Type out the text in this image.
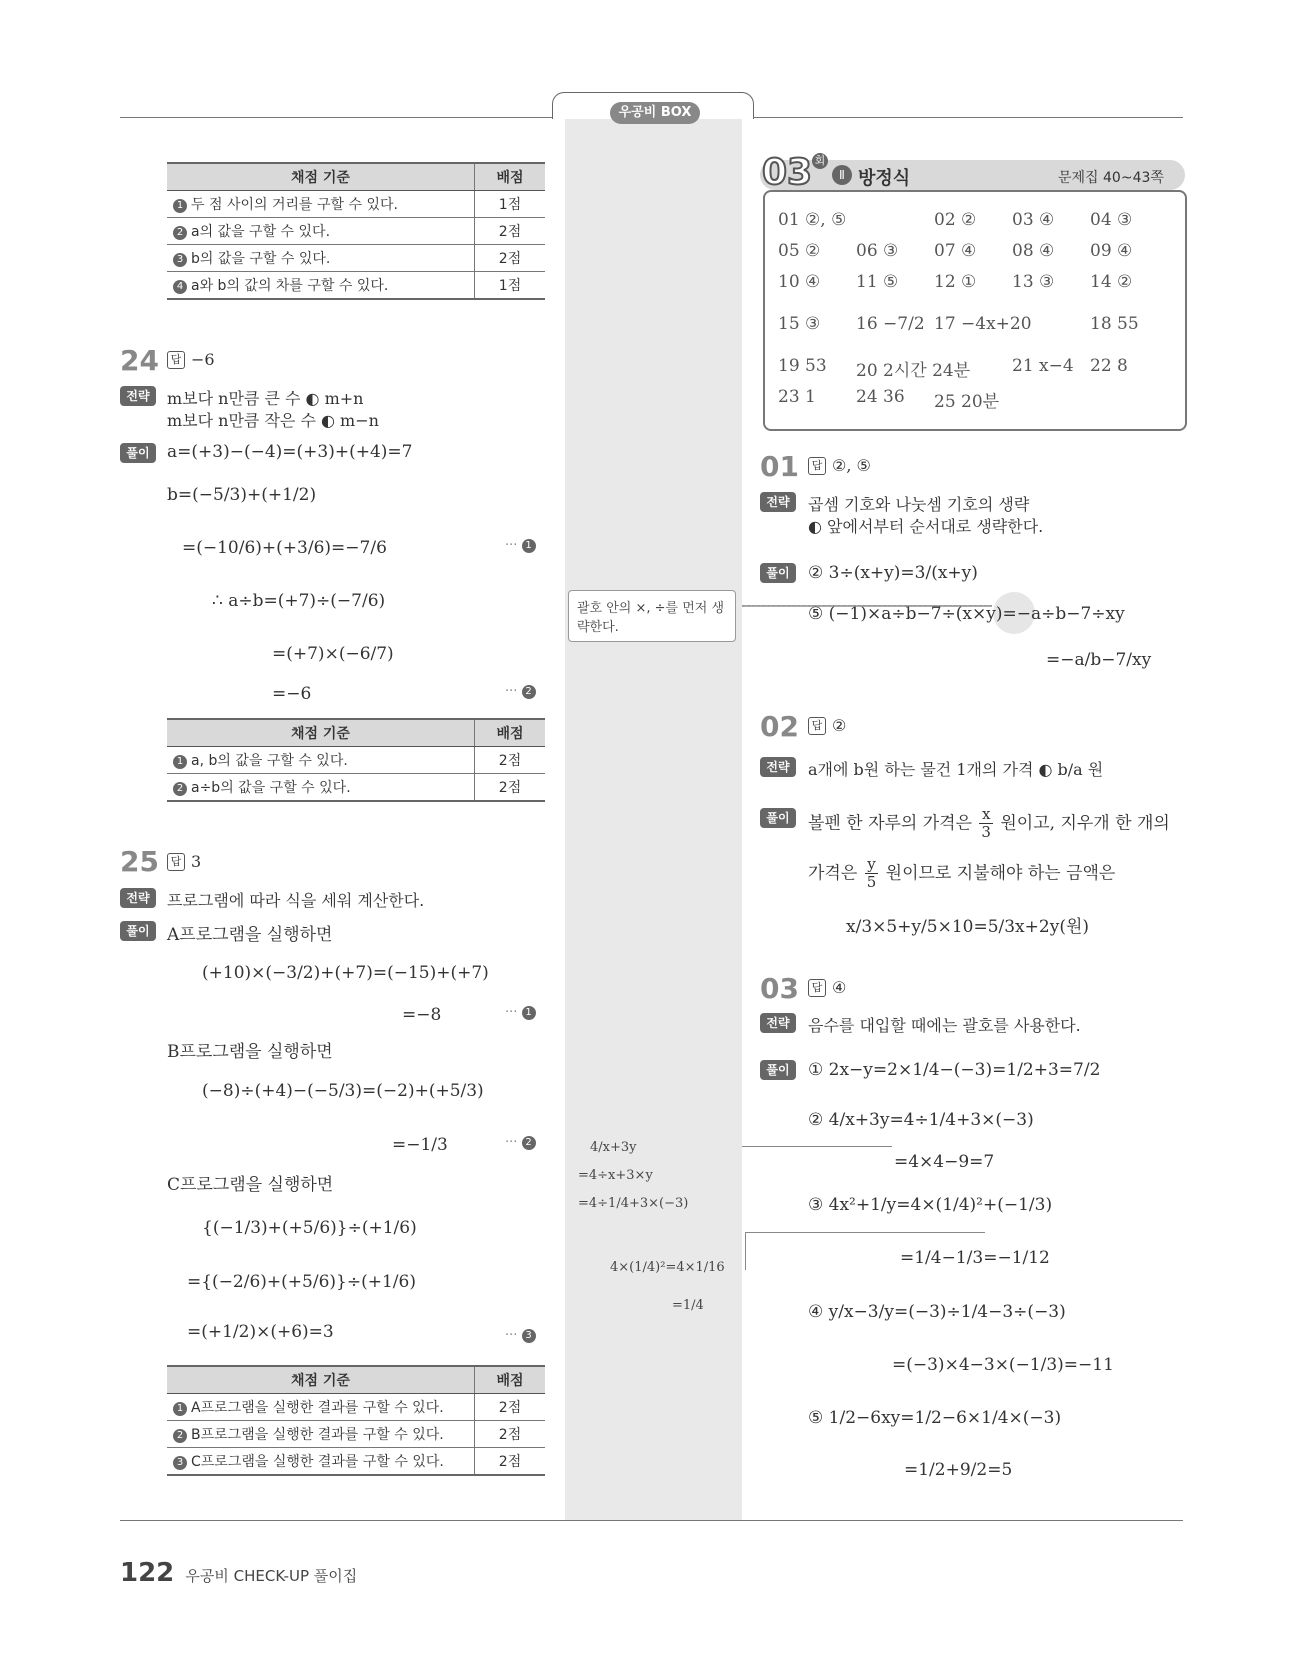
우공비 BOX
채점 기준	배점
1 두 점 사이의 거리를 구할 수 있다.	1점
2 a의 값을 구할 수 있다.	2점
3 b의 값을 구할 수 있다.	2점
4 a와 b의 값의 차를 구할 수 있다.	1점
24	답 −6
전략	m보다 n만큼 큰 수 ◐ m+n
m보다 n만큼 작은 수 ◐ m−n
풀이	a=(+3)−(−4)=(+3)+(+4)=7
b=(−5/3)+(+1/2)
=(−10/6)+(+3/6)=−7/6	··· 1
∴ a÷b=(+7)÷(−7/6)
=(+7)×(−6/7)
=−6	··· 2
채점 기준	배점
1 a, b의 값을 구할 수 있다.	2점
2 a÷b의 값을 구할 수 있다.	2점
25	답 3
전략	프로그램에 따라 식을 세워 계산한다.
풀이	A프로그램을 실행하면
(+10)×(−3/2)+(+7)=(−15)+(+7)
=−8	··· 1
B프로그램을 실행하면
(−8)÷(+4)−(−5/3)=(−2)+(+5/3)
=−1/3	··· 2
C프로그램을 실행하면
{(−1/3)+(+5/6)}÷(+1/6)
={(−2/6)+(+5/6)}÷(+1/6)
=(+1/2)×(+6)=3	··· 3
채점 기준	배점
1 A프로그램을 실행한 결과를 구할 수 있다.	2점
2 B프로그램을 실행한 결과를 구할 수 있다.	2점
3 C프로그램을 실행한 결과를 구할 수 있다.	2점
괄호 안의 ×, ÷를 먼저 생략한다.
4/x+3y
=4÷x+3×y
=4÷1/4+3×(−3)
4×(1/4)²=4×1/16
=1/4
03 회
Ⅱ 방정식	문제집 40~43쪽
01 ②, ⑤	02 ② 03 ④ 04 ③
05 ② 06 ③ 07 ④ 08 ④ 09 ④
10 ④ 11 ⑤ 12 ① 13 ③ 14 ②
15 ③ 16 −7/2 17 −4x+20	18 55
19 53 20 2시간 24분 21 x−4 22 8
23 1 24 36 25 20분
01	답 ②, ⑤
전략	곱셈 기호와 나눗셈 기호의 생략
◐ 앞에서부터 순서대로 생략한다.
풀이	② 3÷(x+y)=3/(x+y)
⑤ (−1)×a÷b−7÷(x×y)=−a÷b−7÷xy
=−a/b−7/xy
02	답 ②
전략	a개에 b원 하는 물건 1개의 가격 ◐ b/a 원
풀이	볼펜 한 자루의 가격은 $\frac{x}{3}$ 원이고, 지우개 한 개의
가격은 $\frac{y}{5}$ 원이므로 지불해야 하는 금액은
x/3×5+y/5×10=5/3x+2y(원)
03	답 ④
전략	음수를 대입할 때에는 괄호를 사용한다.
풀이	① 2x−y=2×1/4−(−3)=1/2+3=7/2
② 4/x+3y=4÷1/4+3×(−3)
=4×4−9=7
③ 4x²+1/y=4×(1/4)²+(−1/3)
=1/4−1/3=−1/12
④ y/x−3/y=(−3)÷1/4−3÷(−3)
=(−3)×4−3×(−1/3)=−11
⑤ 1/2−6xy=1/2−6×1/4×(−3)
=1/2+9/2=5
122 우공비 CHECK-UP 풀이집
